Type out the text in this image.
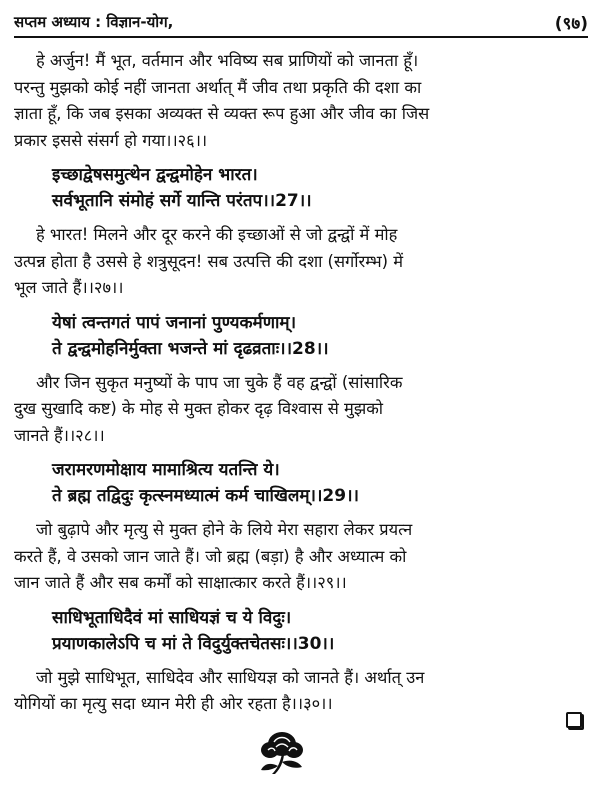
सप्तम अध्याय : विज्ञान-योग,	(९७)
हे अर्जुन! मैं भूत, वर्तमान और भविष्य सब प्राणियों को जानता हूँ।
परन्तु मुझको कोई नहीं जानता अर्थात् मैं जीव तथा प्रकृति की दशा का
ज्ञाता हूँ, कि जब इसका अव्यक्त से व्यक्त रूप हुआ और जीव का जिस
प्रकार इससे संसर्ग हो गया।।२६।।
इच्छाद्वेषसमुत्थेन द्वन्द्वमोहेन भारत।
सर्वभूतानि संमोहं सर्गे यान्ति परंतप।।27।।
हे भारत! मिलने और दूर करने की इच्छाओं से जो द्वन्द्वों में मोह
उत्पन्न होता है उससे हे शत्रुसूदन! सब उत्पत्ति की दशा (सर्गोरम्भ) में
भूल जाते हैं।।२७।।
येषां त्वन्तगतं पापं जनानां पुण्यकर्मणाम्।
ते द्वन्द्वमोहनिर्मुक्ता भजन्ते मां दृढव्रताः।।28।।
और जिन सुकृत मनुष्यों के पाप जा चुके हैं वह द्वन्द्वों (सांसारिक
दुख सुखादि कष्ट) के मोह से मुक्त होकर दृढ़ विश्वास से मुझको
जानते हैं।।२८।।
जरामरणमोक्षाय मामाश्रित्य यतन्ति ये।
ते ब्रह्म तद्विदुः कृत्स्नमध्यात्मं कर्म चाखिलम्।।29।।
जो बुढ़ापे और मृत्यु से मुक्त होने के लिये मेरा सहारा लेकर प्रयत्न
करते हैं, वे उसको जान जाते हैं। जो ब्रह्म (बड़ा) है और अध्यात्म को
जान जाते हैं और सब कर्मों को साक्षात्कार करते हैं।।२९।।
साधिभूताधिदैवं मां साधियज्ञं च ये विदुः।
प्रयाणकालेऽपि च मां ते विदुर्युक्तचेतसः।।30।।
जो मुझे साधिभूत, साधिदेव और साधियज्ञ को जानते हैं। अर्थात् उन
योगियों का मृत्यु सदा ध्यान मेरी ही ओर रहता है।।३०।।
